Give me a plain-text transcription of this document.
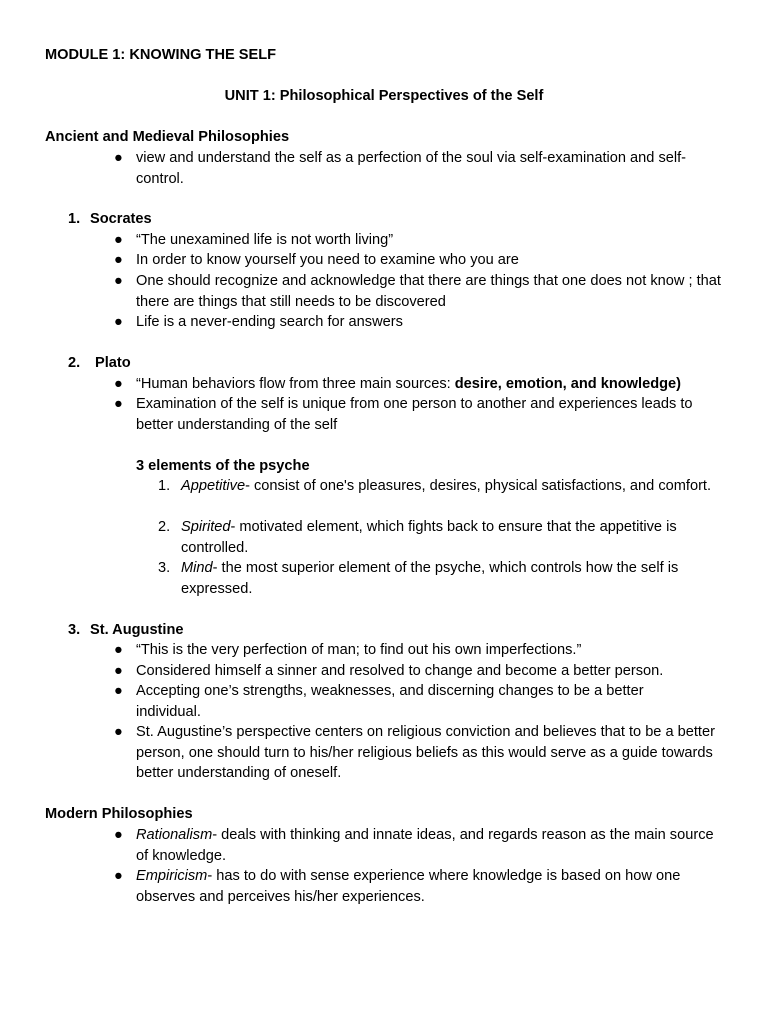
MODULE 1: KNOWING THE SELF
UNIT 1: Philosophical Perspectives of the Self
Ancient and Medieval Philosophies
● view and understand the self as a perfection of the soul via self-examination and self-control.
1. Socrates
● “The unexamined life is not worth living”
● In order to know yourself you need to examine who you are
● One should recognize and acknowledge that there are things that one does not know ; that there are things that still needs to be discovered
● Life is a never-ending search for answers
2. Plato
● “Human behaviors flow from three main sources: desire, emotion, and knowledge)
● Examination of the self is unique from one person to another and experiences leads to better understanding of the self
3 elements of the psyche
1. Appetitive- consist of one's pleasures, desires, physical satisfactions, and comfort.
2. Spirited- motivated element, which fights back to ensure that the appetitive is controlled.
3. Mind- the most superior element of the psyche, which controls how the self is expressed.
3. St. Augustine
● “This is the very perfection of man; to find out his own imperfections.”
● Considered himself a sinner and resolved to change and become a better person.
● Accepting one’s strengths, weaknesses, and discerning changes to be a better individual.
● St. Augustine’s perspective centers on religious conviction and believes that to be a better person, one should turn to his/her religious beliefs as this would serve as a guide towards better understanding of oneself.
Modern Philosophies
● Rationalism- deals with thinking and innate ideas, and regards reason as the main source of knowledge.
● Empiricism- has to do with sense experience where knowledge is based on how one observes and perceives his/her experiences.
